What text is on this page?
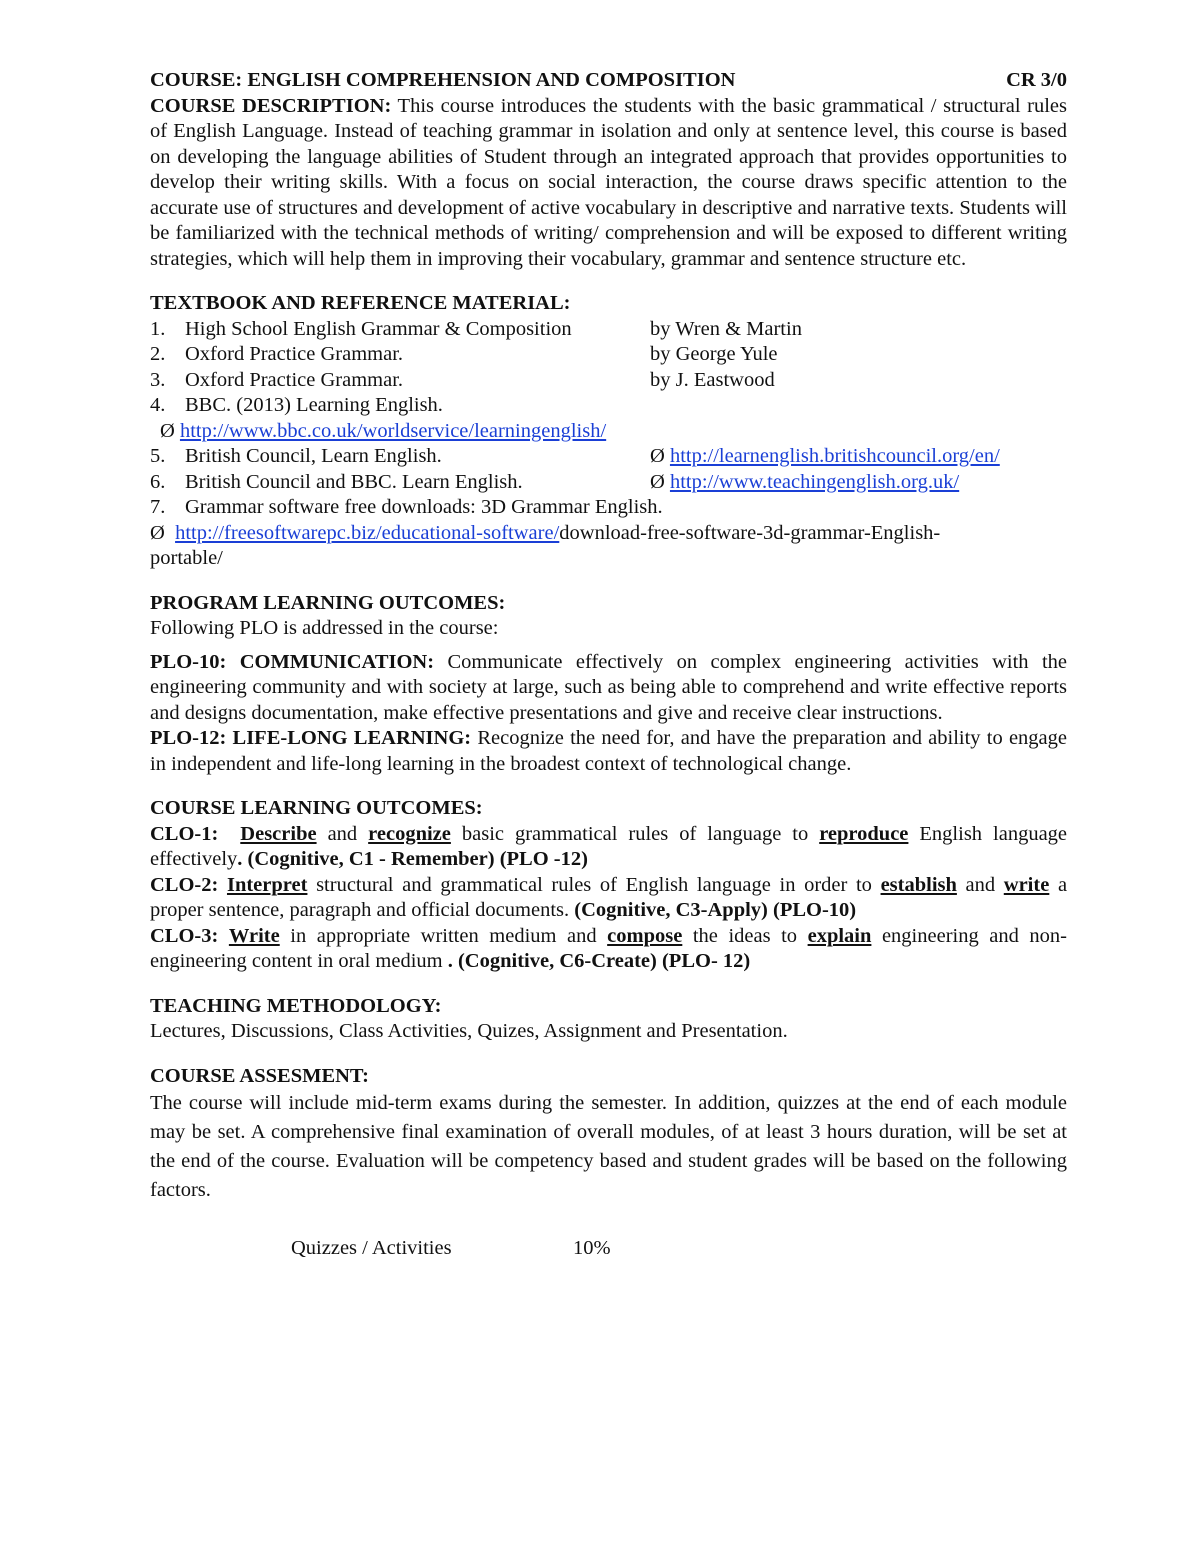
COURSE: ENGLISH COMPREHENSION AND COMPOSITION	CR 3/0

COURSE DESCRIPTION: This course introduces the students with the basic grammatical / structural rules of English Language. Instead of teaching grammar in isolation and only at sentence level, this course is based on developing the language abilities of Student through an integrated approach that provides opportunities to develop their writing skills. With a focus on social interaction, the course draws specific attention to the accurate use of structures and development of active vocabulary in descriptive and narrative texts. Students will be familiarized with the technical methods of writing/ comprehension and will be exposed to different writing strategies, which will help them in improving their vocabulary, grammar and sentence structure etc.

TEXTBOOK AND REFERENCE MATERIAL:

1. High School English Grammar & Composition	by Wren & Martin
2. Oxford Practice Grammar.	by George Yule
3. Oxford Practice Grammar.	by J. Eastwood
4. BBC. (2013) Learning English.
Ø
http://www.bbc.co.uk/worldservice/learningenglish/
5. British Council, Learn English.	Ø
http://learnenglish.britishcouncil.org/en/
6. British Council and BBC. Learn English.	Ø
http://www.teachingenglish.org.uk/
7. Grammar software free downloads: 3D Grammar English.
Ø
http://freesoftwarepc.biz/educational-software/ download-free-software-3d-grammar-English-
portable/

PROGRAM LEARNING OUTCOMES:

Following PLO is addressed in the course:

PLO-10: COMMUNICATION: Communicate effectively on complex engineering activities with the engineering community and with society at large, such as being able to comprehend and write effective reports and designs documentation, make effective presentations and give and receive clear instructions.

PLO-12: LIFE-LONG LEARNING: Recognize the need for, and have the preparation and ability to engage in independent and life-long learning in the broadest context of technological change.

COURSE LEARNING OUTCOMES:

CLO-1: Describe and recognize basic grammatical rules of language to reproduce English language effectively. (Cognitive, C1 - Remember) (PLO -12)

CLO-2: Interpret structural and grammatical rules of English language in order to establish and write a proper sentence, paragraph and official documents. (Cognitive, C3-Apply) (PLO-10)

CLO-3: Write in appropriate written medium and compose the ideas to explain engineering and non-engineering content in oral medium . (Cognitive, C6-Create) (PLO- 12)

TEACHING METHODOLOGY:

Lectures, Discussions, Class Activities, Quizes, Assignment and Presentation.

COURSE ASSESMENT:

The course will include mid-term exams during the semester. In addition, quizzes at the end of each module may be set. A comprehensive final examination of overall modules, of at least 3 hours duration, will be set at the end of the course. Evaluation will be competency based and student grades will be based on the following factors.

Quizzes / Activities	10%
